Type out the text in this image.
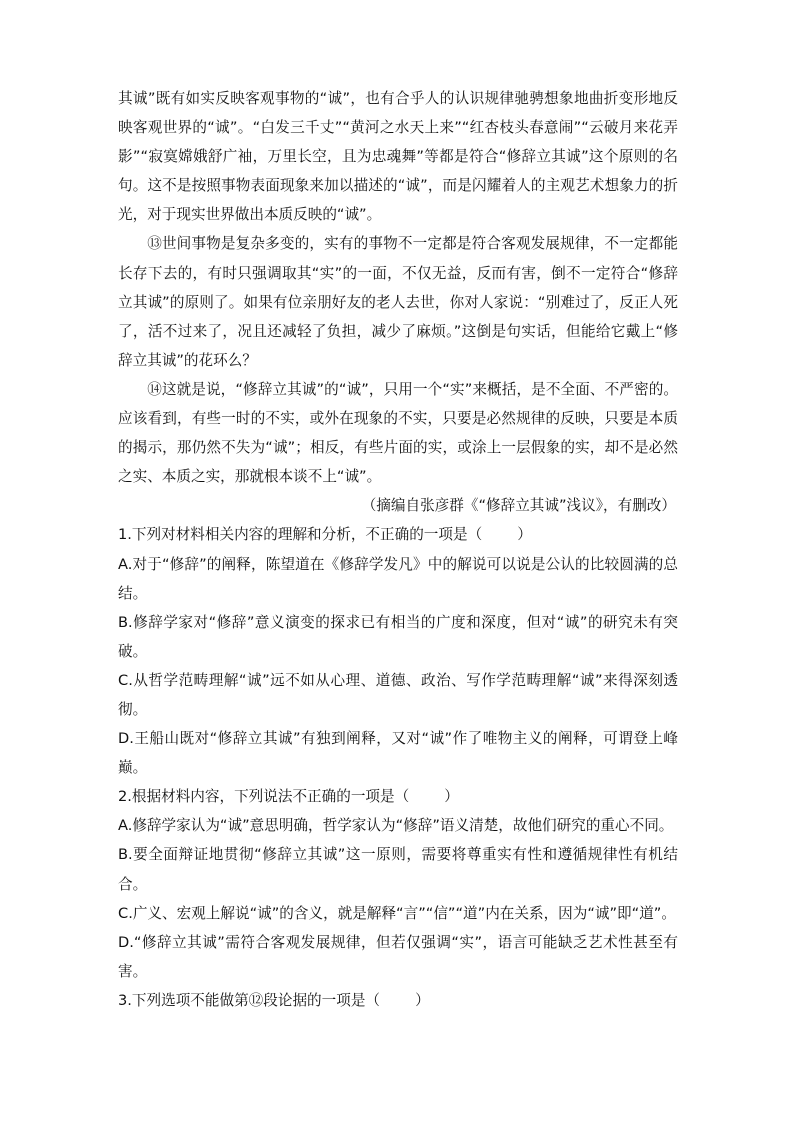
其诚”既有如实反映客观事物的“诚”，也有合乎人的认识规律驰骋想象地曲折变形地反映客观世界的“诚”。“白发三千丈”“黄河之水天上来”“红杏枝头春意闹”“云破月来花弄影”“寂寞嫦娥舒广袖，万里长空，且为忠魂舞”等都是符合“修辞立其诚”这个原则的名句。这不是按照事物表面现象来加以描述的“诚”，而是闪耀着人的主观艺术想象力的折光，对于现实世界做出本质反映的“诚”。

⑬世间事物是复杂多变的，实有的事物不一定都是符合客观发展规律，不一定都能长存下去的，有时只强调取其“实”的一面，不仅无益，反而有害，倒不一定符合“修辞立其诚”的原则了。如果有位亲朋好友的老人去世，你对人家说：“别难过了，反正人死了，活不过来了，况且还减轻了负担，减少了麻烦。”这倒是句实话，但能给它戴上“修辞立其诚”的花环么？

⑭这就是说，“修辞立其诚”的“诚”，只用一个“实”来概括，是不全面、不严密的。应该看到，有些一时的不实，或外在现象的不实，只要是必然规律的反映，只要是本质的揭示，那仍然不失为“诚”；相反，有些片面的实，或涂上一层假象的实，却不是必然之实、本质之实，那就根本谈不上“诚”。

（摘编自张彦群《“修辞立其诚”浅议》，有删改）

1.下列对材料相关内容的理解和分析，不正确的一项是（ ）

A.对于“修辞”的阐释，陈望道在《修辞学发凡》中的解说可以说是公认的比较圆满的总结。

B.修辞学家对“修辞”意义演变的探求已有相当的广度和深度，但对“诚”的研究未有突破。

C.从哲学范畴理解“诚”远不如从心理、道德、政治、写作学范畴理解“诚”来得深刻透彻。

D.王船山既对“修辞立其诚”有独到阐释，又对“诚”作了唯物主义的阐释，可谓登上峰巅。

2.根据材料内容，下列说法不正确的一项是（ ）

A.修辞学家认为“诚”意思明确，哲学家认为“修辞”语义清楚，故他们研究的重心不同。

B.要全面辩证地贯彻“修辞立其诚”这一原则，需要将尊重实有性和遵循规律性有机结合。

C.广义、宏观上解说“诚”的含义，就是解释“言”“信”“道”内在关系，因为“诚”即“道”。

D.“修辞立其诚”需符合客观发展规律，但若仅强调“实”，语言可能缺乏艺术性甚至有害。

3.下列选项不能做第⑫段论据的一项是（ ）
